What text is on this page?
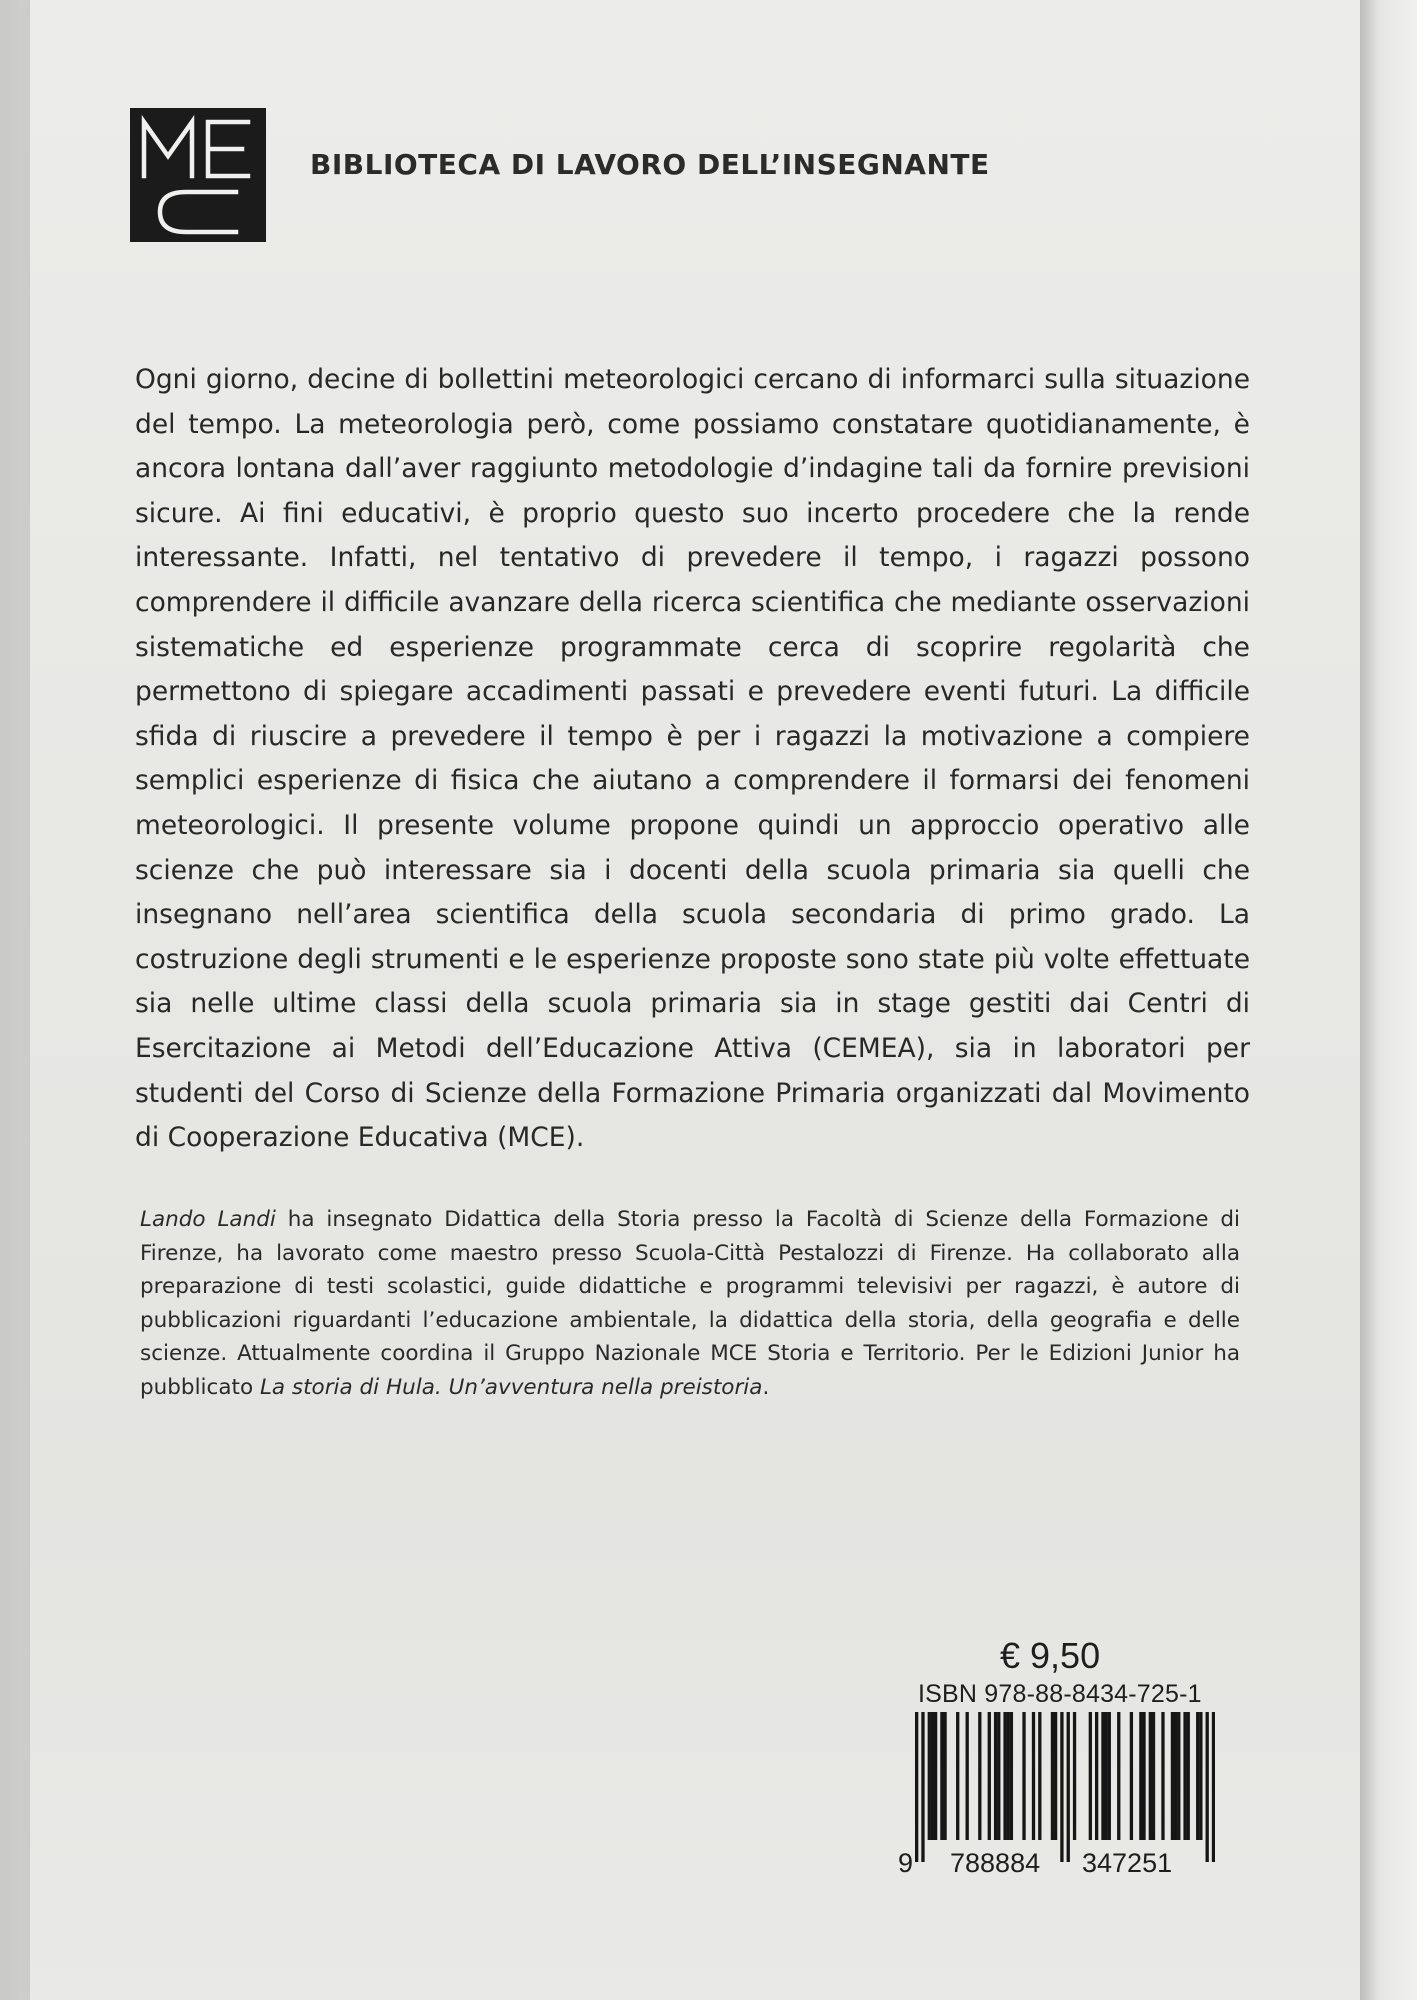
BIBLIOTECA DI LAVORO DELL’INSEGNANTE

Ogni giorno, decine di bollettini meteorologici cercano di informarci sulla situazione del tempo. La meteorologia però, come possiamo constatare quotidianamente, è ancora lontana dall’aver raggiunto metodologie d’indagine tali da fornire previsioni sicure. Ai fini educativi, è proprio questo suo incerto procedere che la rende interessante. Infatti, nel tentativo di prevedere il tempo, i ragazzi possono comprendere il difficile avanzare della ricerca scientifica che mediante osservazioni sistematiche ed esperienze programmate cerca di scoprire regolarità che permettono di spiegare accadimenti passati e prevedere eventi futuri. La difficile sfida di riuscire a prevedere il tempo è per i ragazzi la motivazione a compiere semplici esperienze di fisica che aiutano a comprendere il formarsi dei fenomeni meteorologici. Il presente volume propone quindi un approccio operativo alle scienze che può interessare sia i docenti della scuola primaria sia quelli che insegnano nell’area scientifica della scuola secondaria di primo grado. La costruzione degli strumenti e le esperienze proposte sono state più volte effettuate sia nelle ultime classi della scuola primaria sia in stage gestiti dai Centri di Esercitazione ai Metodi dell’Educazione Attiva (CEMEA), sia in laboratori per studenti del Corso di Scienze della Formazione Primaria organizzati dal Movimento di Cooperazione Educativa (MCE).

Lando Landi ha insegnato Didattica della Storia presso la Facoltà di Scienze della Formazione di Firenze, ha lavorato come maestro presso Scuola-Città Pestalozzi di Firenze. Ha collaborato alla preparazione di testi scolastici, guide didattiche e programmi televisivi per ragazzi, è autore di pubblicazioni riguardanti l’educazione ambientale, la didattica della storia, della geografia e delle scienze. Attualmente coordina il Gruppo Nazionale MCE Storia e Territorio. Per le Edizioni Junior ha pubblicato La storia di Hula. Un’avventura nella preistoria.

€ 9,50
ISBN 978-88-8434-725-1
9 788884 347251
